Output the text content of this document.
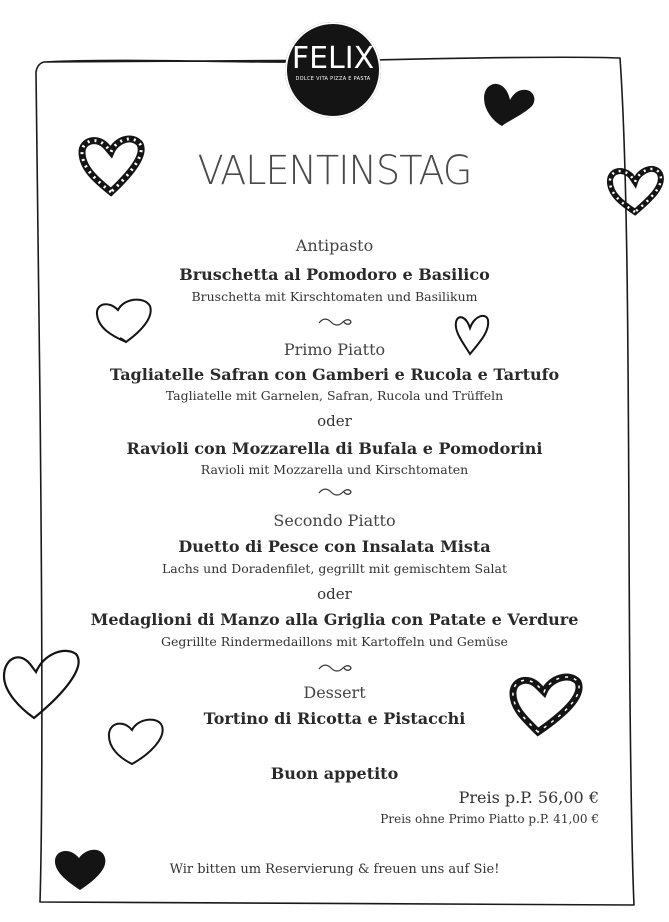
FELIX
DOLCE VITA PIZZA E PASTA
VALENTINSTAG
Antipasto
Bruschetta al Pomodoro e Basilico
Bruschetta mit Kirschtomaten und Basilikum
Primo Piatto
Tagliatelle Safran con Gamberi e Rucola e Tartufo
Tagliatelle mit Garnelen, Safran, Rucola und Trüffeln
oder
Ravioli con Mozzarella di Bufala e Pomodorini
Ravioli mit Mozzarella und Kirschtomaten
Secondo Piatto
Duetto di Pesce con Insalata Mista
Lachs und Doradenfilet, gegrillt mit gemischtem Salat
oder
Medaglioni di Manzo alla Griglia con Patate e Verdure
Gegrillte Rindermedaillons mit Kartoffeln und Gemüse
Dessert
Tortino di Ricotta e Pistacchi
Buon appetito
Preis p.P. 56,00 €
Preis ohne Primo Piatto p.P. 41,00 €
Wir bitten um Reservierung & freuen uns auf Sie!
